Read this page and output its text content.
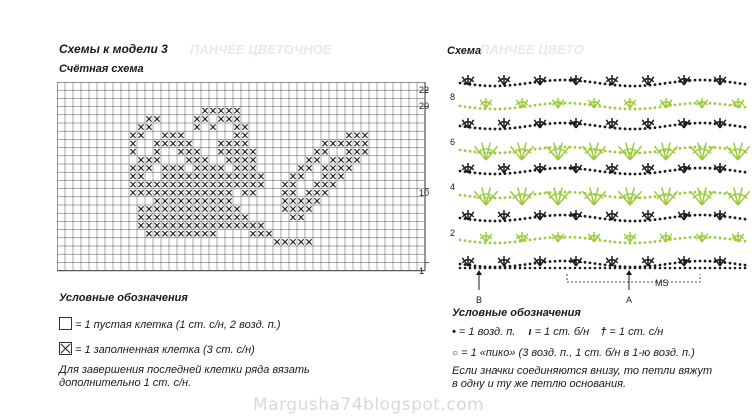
ПАНЧЕЕ ЦВЕТОЧНОЕ	ПАНЧЕЕ ЦВЕТО
Схемы к модели 3
Счётная схема
22
20
10
1
Условные обозначения
= 1 пустая клетка (1 ст. с/н, 2 возд. п.)
= 1 заполненная клетка (3 ст. с/н)
Для завершения последней клетки ряда вязать
дополнительно 1 ст. с/н.
Схема
8
6
4
2
B	A
MS
Условные обозначения
• = 1 возд. п. ı = 1 ст. б/н † = 1 ст. с/н
○ = 1 «пико» (3 возд. п., 1 ст. б/н в 1-ю возд. п.)
Если значки соединяются внизу, то петли вяжут
в одну и ту же петлю основания.
Margusha74blogspot.com
